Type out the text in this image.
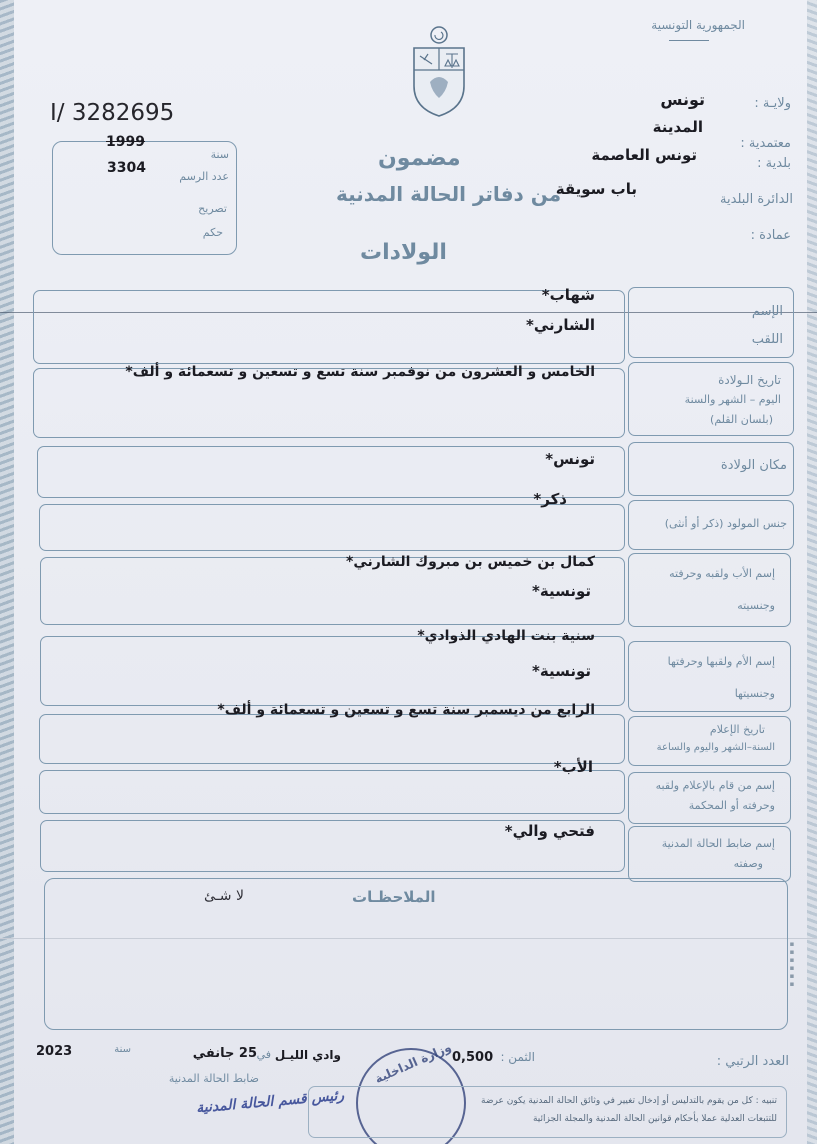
الجمهورية التونسية
I/ 3282695
مضمون
من دفاتر الحالة المدنية
الولادات
1999
3304
سنة
عدد الرسم
تصريح
حكم
ولايـة :
تونس
معتمدية :
المدينة
بلدية :
تونس العاصمة
الدائرة البلدية
باب سويقة
عمادة :
الإسم
اللقب
شهاب*
الشارني*
تاريخ الـولادة
اليوم – الشهر والسنة
(بلسان القلم)
الخامس و العشرون من نوفمبر سنة تسع و تسعين و تسعمائة و ألف*
مكان الولادة
تونس*
جنس المولود (ذكر أو أنثى)
ذكر*
إسم الأب ولقبه وحرفته
وجنسيته
كمال بن خميس بن مبروك الشارني*
تونسية*
إسم الأم ولقبها وحرفتها
وجنسيتها
سنية بنت الهادي الذوادي*
تونسية*
تاريخ الإعلام
السنة–الشهر واليوم والساعة
الرابع من ديسمبر سنة تسع و تسعين و تسعمائة و ألف*
إسم من قام بالإعلام ولقبه
وحرفته أو المحكمة
الأب*
إسم ضابط الحالة المدنية
وصفته
فتحي والي*
الملاحظـات
لا شـئ
▪▪▪▪▪▪
العدد الرتبي :
الثمن :
0,500
وادي الليـل
في
25 جانفي
سنة
2023
ضابط الحالة المدنية	وزارة الداخلية
رئيس قسم الحالة المدنية	تنبيه : كل من يقوم بالتدليس أو إدخال تغيير في وثائق الحالة المدنية يكون عرضة
للتتبعات العدلية عملا بأحكام قوانين الحالة المدنية والمجلة الجزائية
